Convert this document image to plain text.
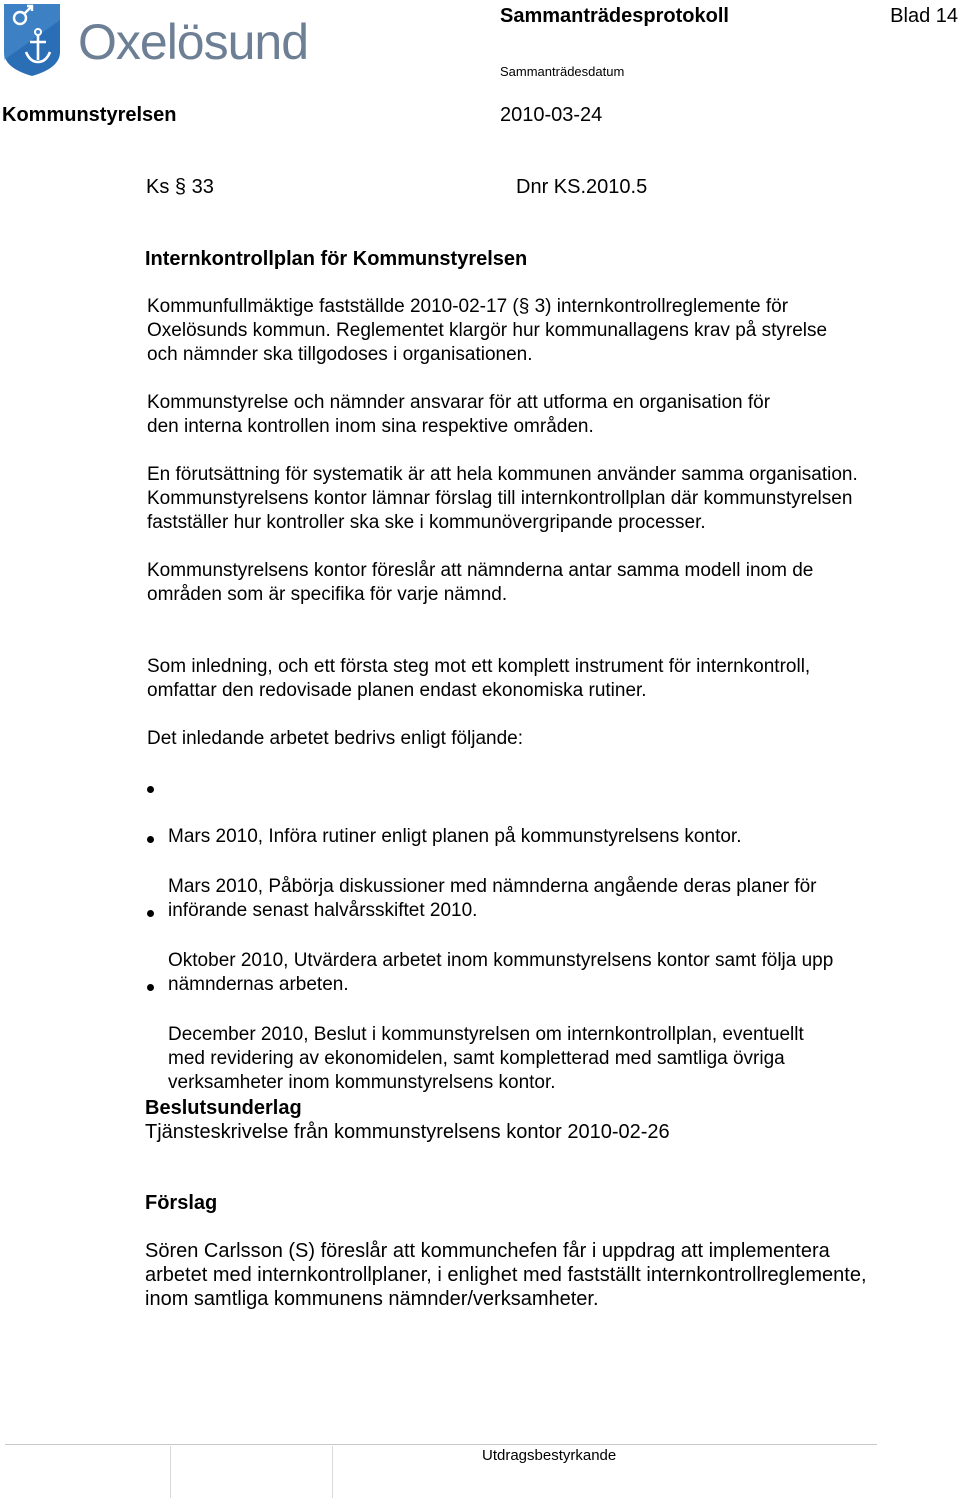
Oxelösund	Sammanträdesprotokoll	Blad 14
Sammanträdesdatum
Kommunstyrelsen	2010-03-24
Ks § 33	Dnr KS.2010.5
Internkontrollplan för Kommunstyrelsen
Kommunfullmäktige fastställde 2010-02-17 (§ 3) internkontrollreglemente för
Oxelösunds kommun. Reglementet klargör hur kommunallagens krav på styrelse
och nämnder ska tillgodoses i organisationen.
Kommunstyrelse och nämnder ansvarar för att utforma en organisation för
den interna kontrollen inom sina respektive områden.
En förutsättning för systematik är att hela kommunen använder samma organisation.
Kommunstyrelsens kontor lämnar förslag till internkontrollplan där kommunstyrelsen
fastställer hur kontroller ska ske i kommunövergripande processer.
Kommunstyrelsens kontor föreslår att nämnderna antar samma modell inom de
områden som är specifika för varje nämnd.
Som inledning, och ett första steg mot ett komplett instrument för internkontroll,
omfattar den redovisade planen endast ekonomiska rutiner.
Det inledande arbetet bedrivs enligt följande:

Mars 2010, Införa rutiner enligt planen på kommunstyrelsens kontor.

Mars 2010, Påbörja diskussioner med nämnderna angående deras planer för
införande senast halvårsskiftet 2010.

Oktober 2010, Utvärdera arbetet inom kommunstyrelsens kontor samt följa upp
nämndernas arbeten.

December 2010, Beslut i kommunstyrelsen om internkontrollplan, eventuellt
med revidering av ekonomidelen, samt kompletterad med samtliga övriga
verksamheter inom kommunstyrelsens kontor.

Beslutsunderlag
Tjänsteskrivelse från kommunstyrelsens kontor 2010-02-26
Förslag
Sören Carlsson (S) föreslår att kommunchefen får i uppdrag att implementera
arbetet med internkontrollplaner, i enlighet med fastställt internkontrollreglemente,
inom samtliga kommunens nämnder/verksamheter.
Utdragsbestyrkande
